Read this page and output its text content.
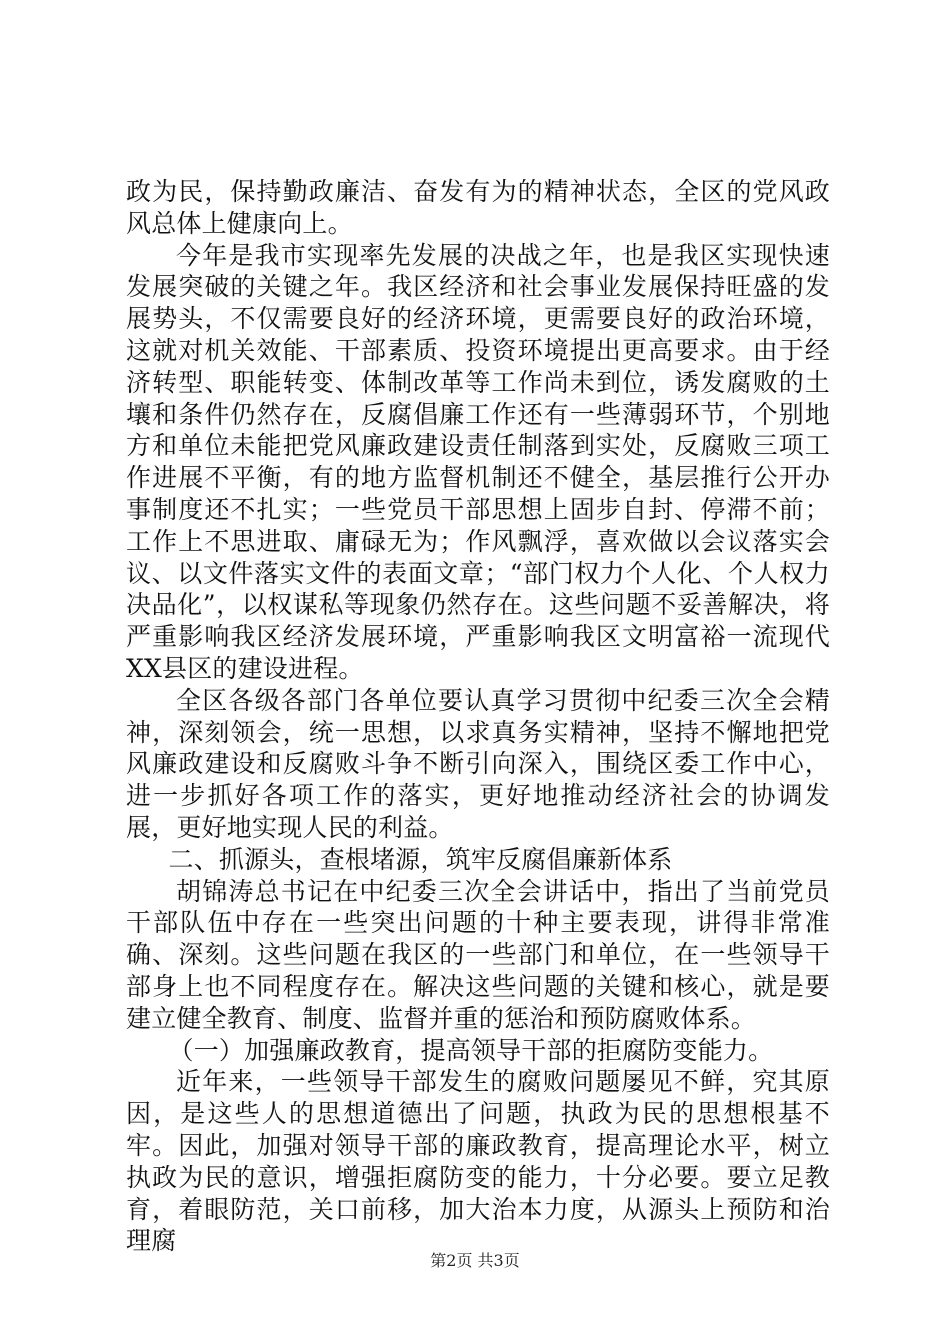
政为民，保持勤政廉洁、奋发有为的精神状态，全区的党风政风总体上健康向上。

今年是我市实现率先发展的决战之年，也是我区实现快速发展突破的关键之年。我区经济和社会事业发展保持旺盛的发展势头，不仅需要良好的经济环境，更需要良好的政治环境，这就对机关效能、干部素质、投资环境提出更高要求。由于经济转型、职能转变、体制改革等工作尚未到位，诱发腐败的土壤和条件仍然存在，反腐倡廉工作还有一些薄弱环节，个别地方和单位未能把党风廉政建设责任制落到实处，反腐败三项工作进展不平衡，有的地方监督机制还不健全，基层推行公开办事制度还不扎实；一些党员干部思想上固步自封、停滞不前；工作上不思进取、庸碌无为；作风飘浮，喜欢做以会议落实会议、以文件落实文件的表面文章；“部门权力个人化、个人权力决品化”，以权谋私等现象仍然存在。这些问题不妥善解决，将严重影响我区经济发展环境，严重影响我区文明富裕一流现代XX县区的建设进程。

全区各级各部门各单位要认真学习贯彻中纪委三次全会精神，深刻领会，统一思想，以求真务实精神，坚持不懈地把党风廉政建设和反腐败斗争不断引向深入，围绕区委工作中心，进一步抓好各项工作的落实，更好地推动经济社会的协调发展，更好地实现人民的利益。

二、抓源头，查根堵源，筑牢反腐倡廉新体系

胡锦涛总书记在中纪委三次全会讲话中，指出了当前党员干部队伍中存在一些突出问题的十种主要表现，讲得非常准确、深刻。这些问题在我区的一些部门和单位，在一些领导干部身上也不同程度存在。解决这些问题的关键和核心，就是要建立健全教育、制度、监督并重的惩治和预防腐败体系。

（一）加强廉政教育，提高领导干部的拒腐防变能力。

近年来，一些领导干部发生的腐败问题屡见不鲜，究其原因，是这些人的思想道德出了问题，执政为民的思想根基不牢。因此，加强对领导干部的廉政教育，提高理论水平，树立执政为民的意识，增强拒腐防变的能力，十分必要。要立足教育，着眼防范，关口前移，加大治本力度，从源头上预防和治理腐

第2页 共3页
